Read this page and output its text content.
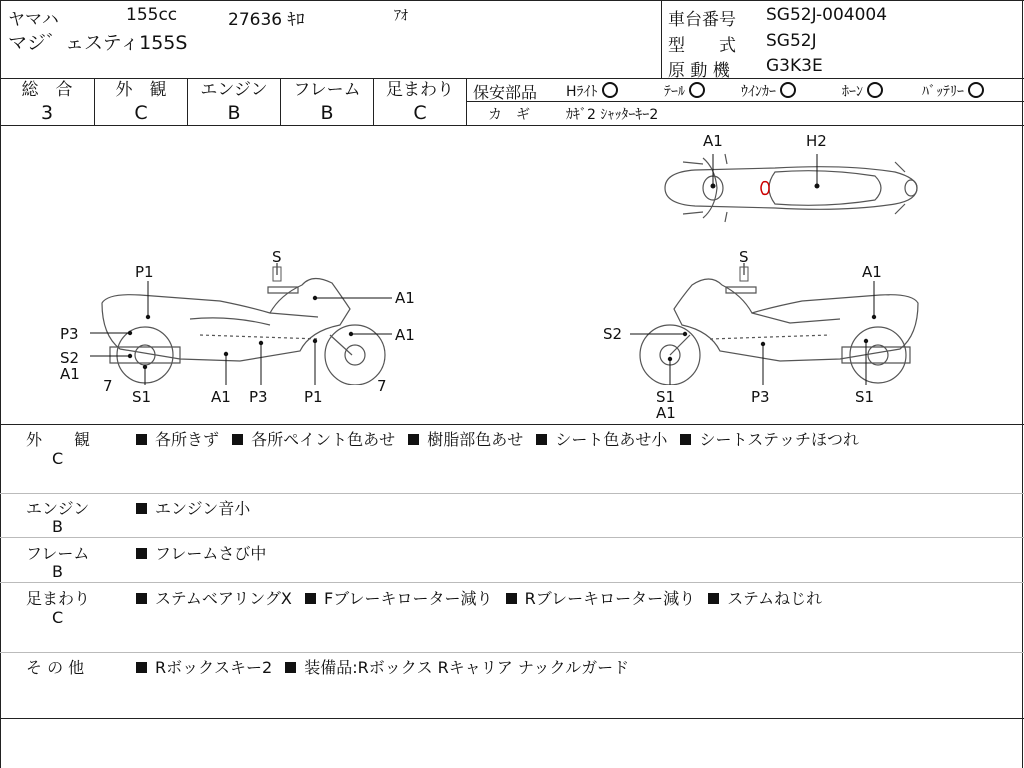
ヤマハ	155cc	27636 ｷﾛ	ｱｵ
マジ゛ェスティ155S
車台番号 SG52J-004004
型　　式 SG52J
原 動 機 G3K3E
総　合
3
外　観
C
エンジン
B
フレーム
B
足まわり
C
保安部品 Hﾗｲﾄ	ﾃｰﾙ	ｳｲﾝｶｰ	ﾎｰﾝ	ﾊﾞｯﾃﾘｰ
カ　ギ	ｶｷﾞ2 ｼｬｯﾀｰｷｰ2
A1	H2
S
P1
A1
A1
P3
S2
A1
7
S1	A1 P3 P1
7
S
A1
S2
S1
A1
P3	S1
外　　観
C
各所きず 各所ペイント色あせ 樹脂部色あせ シート色あせ小 シートステッチほつれ
エンジン
B
エンジン音小
フレーム
B
フレームさび中
足まわり
C
ステムベアリングX Fブレーキローター減り Rブレーキローター減り ステムねじれ
そ の 他	Rボックスキー2 装備品:Rボックス Rキャリア ナックルガード
